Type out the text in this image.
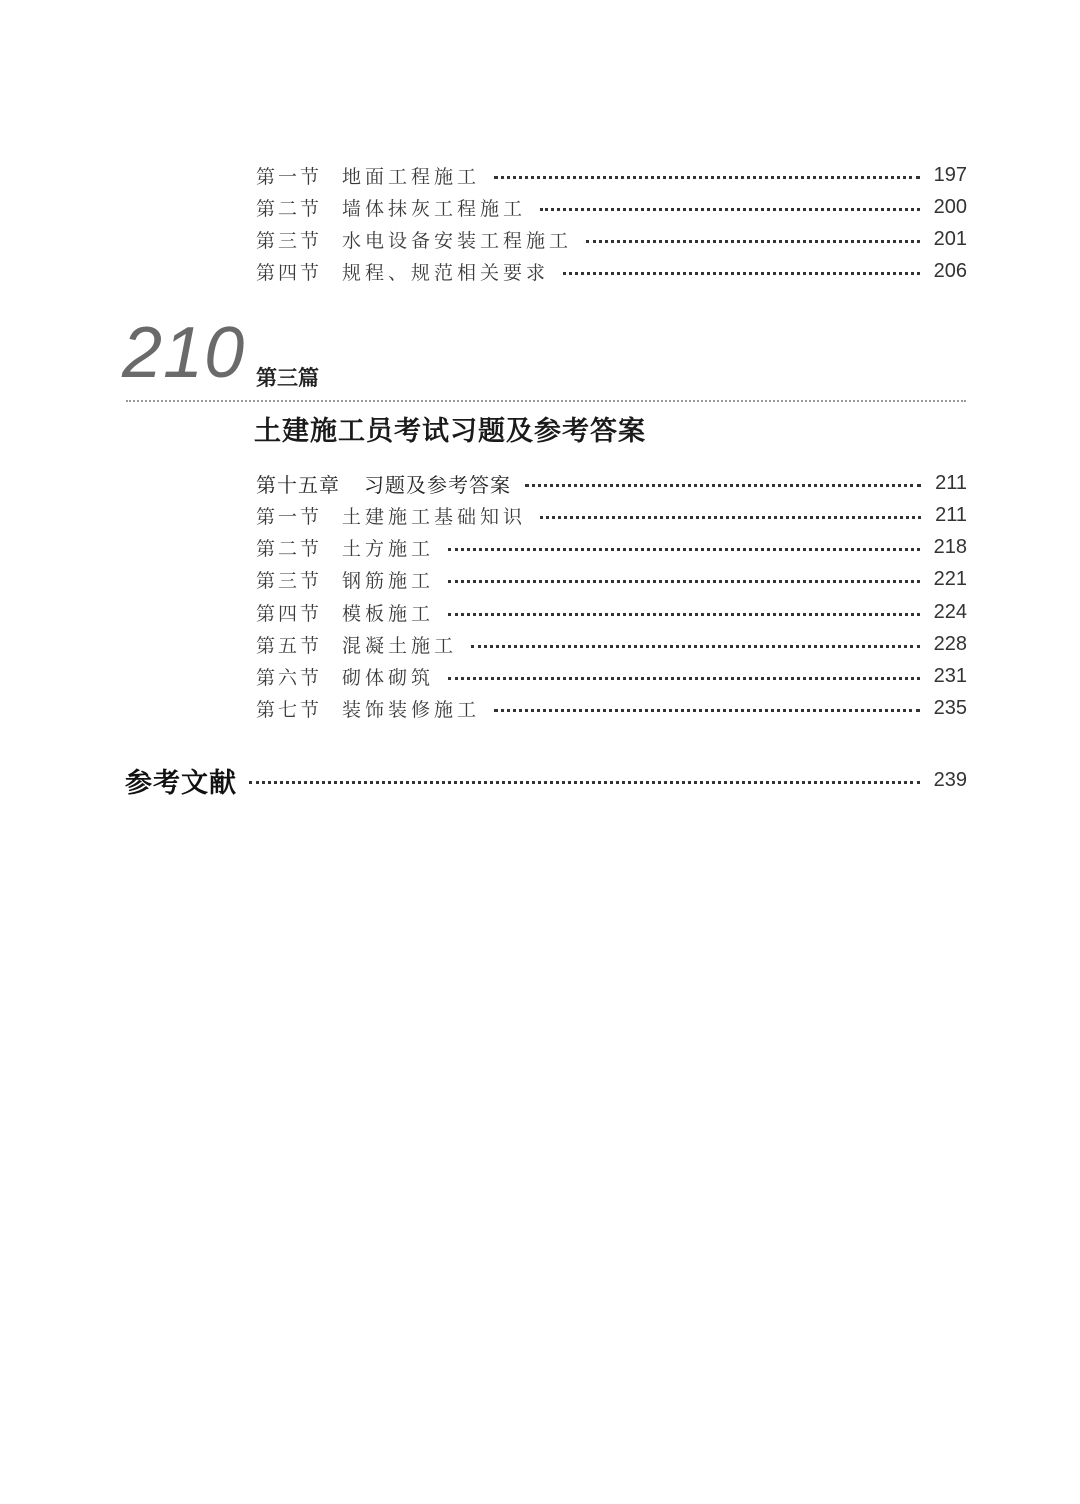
第一节	地面工程施工	197
第二节	墙体抹灰工程施工	200
第三节	水电设备安装工程施工	201
第四节	规程、规范相关要求	206
210 第三篇
土建施工员考试习题及参考答案
第十五章	习题及参考答案	211
第一节	土建施工基础知识	211
第二节	土方施工	218
第三节	钢筋施工	221
第四节	模板施工	224
第五节	混凝土施工	228
第六节	砌体砌筑	231
第七节	装饰装修施工	235
参考文献	239
